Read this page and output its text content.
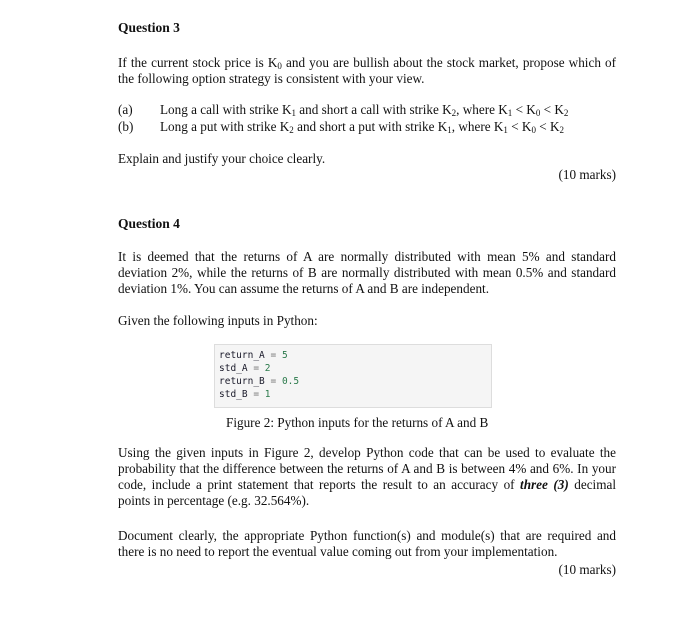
Question 3
If the current stock price is $K_0$ and you are bullish about the stock market, propose which of the following option strategy is consistent with your view.
(a) Long a call with strike $K_1$ and short a call with strike $K_2$, where $K_1 < K_0 < K_2$
(b) Long a put with strike $K_2$ and short a put with strike $K_1$, where $K_1 < K_0 < K_2$
Explain and justify your choice clearly.
(10 marks)
Question 4
It is deemed that the returns of A are normally distributed with mean 5% and standard deviation 2%, while the returns of B are normally distributed with mean 0.5% and standard deviation 1%. You can assume the returns of A and B are independent.
Given the following inputs in Python:
return_A = 5
std_A = 2
return_B = 0.5
std_B = 1
Figure 2: Python inputs for the returns of A and B
Using the given inputs in Figure 2, develop Python code that can be used to evaluate the probability that the difference between the returns of A and B is between 4% and 6%. In your code, include a print statement that reports the result to an accuracy of three (3) decimal points in percentage (e.g. 32.564%).
Document clearly, the appropriate Python function(s) and module(s) that are required and there is no need to report the eventual value coming out from your implementation.
(10 marks)
